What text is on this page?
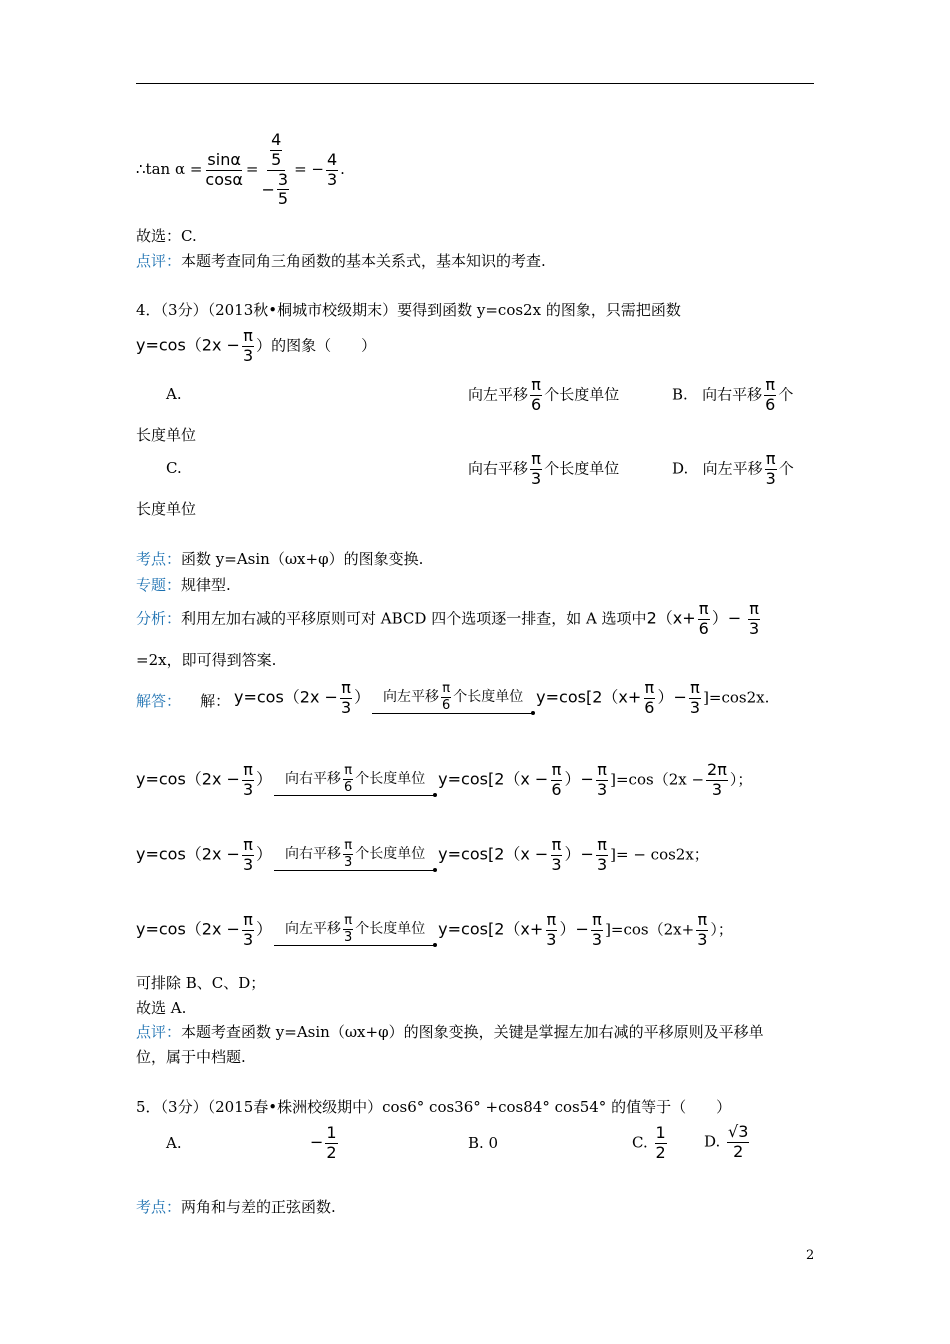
∴tan $\alpha = \frac{\sin\alpha}{\cos\alpha} = \frac{\frac{4}{5}}{- \frac{3}{5}}$ = − $\frac{4}{3}$ .
故选：C.
点评：本题考查同角三角函数的基本关系式，基本知识的考查.
4．（3分）（2013秋•桐城市校级期末）要得到函数 y=cos2x 的图象，只需把函数
$y=\cos(2x - \frac{\pi}{3}$ ）的图象（　　）
A.	向左平移 $\frac{\pi}{6}$ 个长度单位	B. 向右平移 $\frac{\pi}{6}$ 个
长度单位
C.	向右平移 $\frac{\pi}{3}$ 个长度单位	D. 向左平移 $\frac{\pi}{3}$ 个
长度单位
考点：函数 y=Asin（ωx+φ）的图象变换.
专题：规律型.
分析：利用左加右减的平移原则可对 ABCD 四个选项逐一排查，如 A 选项中$2(x+ \frac{\pi}{6}$ ）− $\frac{\pi}{3}$
=2x，即可得到答案.
解答： 解： $y=\cos(2x - \frac{\pi}{3}$ ） 向左平移 $\frac{\pi}{6}$ 个长度单位 $y=\cos[2(x+ \frac{\pi}{6}$ ）− $\frac{\pi}{3} ]=\cos 2x$.
$y=\cos(2x - \frac{\pi}{3}$ ） 向右平移 $\frac{\pi}{6}$ 个长度单位 $y=\cos[2(x - \frac{\pi}{6}$ ）− $\frac{\pi}{3} ]=\cos(2x - \frac{2\pi}{3}$ ）；
$y=\cos(2x - \frac{\pi}{3}$ ） 向右平移 $\frac{\pi}{3}$ 个长度单位 $y=\cos[2(x - \frac{\pi}{3}$ ）− $\frac{\pi}{3}$ ]= − cos2x；
$y=\cos(2x - \frac{\pi}{3}$ ） 向左平移 $\frac{\pi}{3}$ 个长度单位 $y=\cos[2(x+ \frac{\pi}{3}$ ）− $\frac{\pi}{3} ]=\cos(2x+ \frac{\pi}{3}$ ）；
可排除 B、C、D；
故选 A.
点评：本题考查函数 y=Asin（ωx+φ）的图象变换，关键是掌握左加右减的平移原则及平移单
位，属于中档题.
5．（3分）（2015春•株洲校级期中）cos6° cos36° +cos84° cos54° 的值等于（　　）
A.	− $\frac{1}{2}$	B. 0	C. $\frac{1}{2} D$. $\frac{√3}{2}$
考点：两角和与差的正弦函数.
2
